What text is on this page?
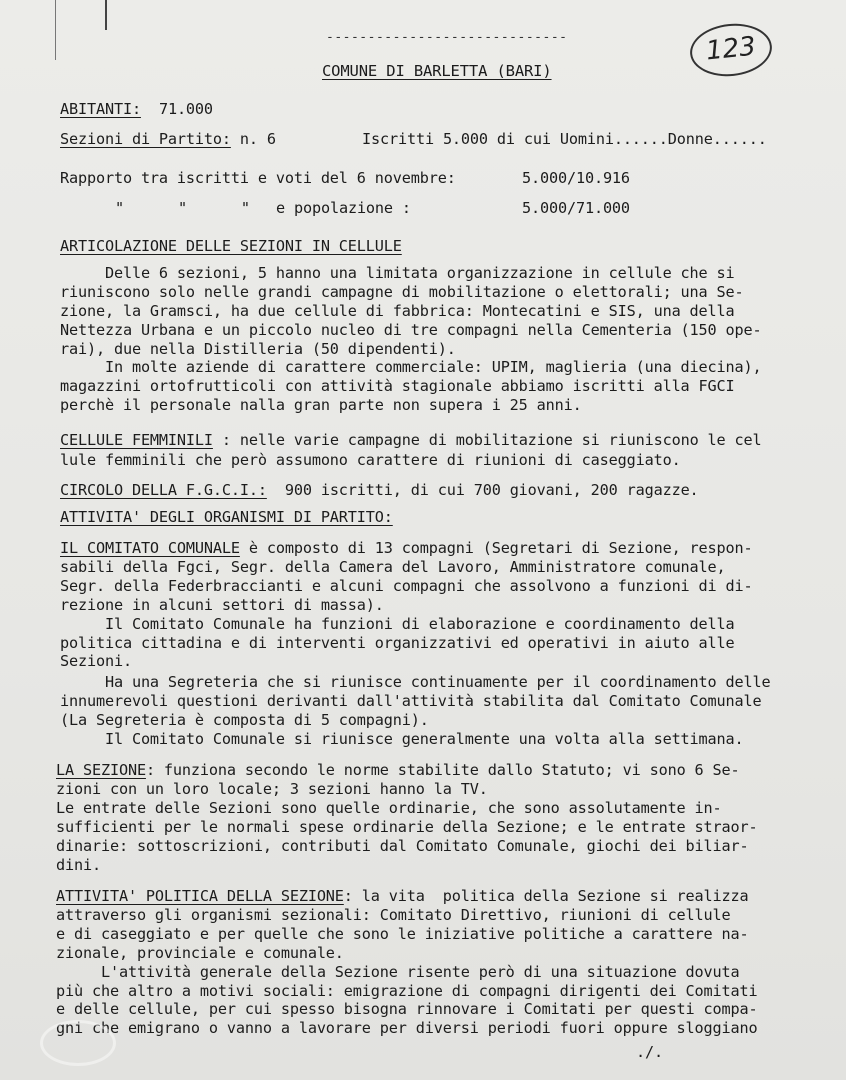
-----------------------------
COMUNE DI BARLETTA (BARI)
123
ABITANTI: 71.000
Sezioni di Partito: n. 6	Iscritti 5.000 di cui Uomini......Donne......
Rapporto tra iscritti e voti del 6 novembre:	5.000/10.916
"      "      " e popolazione :	5.000/71.000
ARTICOLAZIONE DELLE SEZIONI IN CELLULE
Delle 6 sezioni, 5 hanno una limitata organizzazione in cellule che si
riuniscono solo nelle grandi campagne di mobilitazione o elettorali; una Se-
zione, la Gramsci, ha due cellule di fabbrica: Montecatini e SIS, una della
Nettezza Urbana e un piccolo nucleo di tre compagni nella Cementeria (150 ope-
rai), due nella Distilleria (50 dipendenti).
In molte aziende di carattere commerciale: UPIM, maglieria (una diecina),
magazzini ortofrutticoli con attività stagionale abbiamo iscritti alla FGCI
perchè il personale nalla gran parte non supera i 25 anni.
CELLULE FEMMINILI : nelle varie campagne di mobilitazione si riuniscono le cel
lule femminili che però assumono carattere di riunioni di caseggiato.
CIRCOLO DELLA F.G.C.I.:  900 iscritti, di cui 700 giovani, 200 ragazze.
ATTIVITA' DEGLI ORGANISMI DI PARTITO:
IL COMITATO COMUNALE è composto di 13 compagni (Segretari di Sezione, respon-
sabili della Fgci, Segr. della Camera del Lavoro, Amministratore comunale,
Segr. della Federbraccianti e alcuni compagni che assolvono a funzioni di di-
rezione in alcuni settori di massa).
Il Comitato Comunale ha funzioni di elaborazione e coordinamento della
politica cittadina e di interventi organizzativi ed operativi in aiuto alle
Sezioni.
Ha una Segreteria che si riunisce continuamente per il coordinamento delle
innumerevoli questioni derivanti dall'attività stabilita dal Comitato Comunale
(La Segreteria è composta di 5 compagni).
Il Comitato Comunale si riunisce generalmente una volta alla settimana.
LA SEZIONE: funziona secondo le norme stabilite dallo Statuto; vi sono 6 Se-
zioni con un loro locale; 3 sezioni hanno la TV.
Le entrate delle Sezioni sono quelle ordinarie, che sono assolutamente in-
sufficienti per le normali spese ordinarie della Sezione; e le entrate straor-
dinarie: sottoscrizioni, contributi dal Comitato Comunale, giochi dei biliar-
dini.
ATTIVITA' POLITICA DELLA SEZIONE: la vita  politica della Sezione si realizza
attraverso gli organismi sezionali: Comitato Direttivo, riunioni di cellule
e di caseggiato e per quelle che sono le iniziative politiche a carattere na-
zionale, provinciale e comunale.
L'attività generale della Sezione risente però di una situazione dovuta
più che altro a motivi sociali: emigrazione di compagni dirigenti dei Comitati
e delle cellule, per cui spesso bisogna rinnovare i Comitati per questi compa-
gni che emigrano o vanno a lavorare per diversi periodi fuori oppure sloggiano
./.
